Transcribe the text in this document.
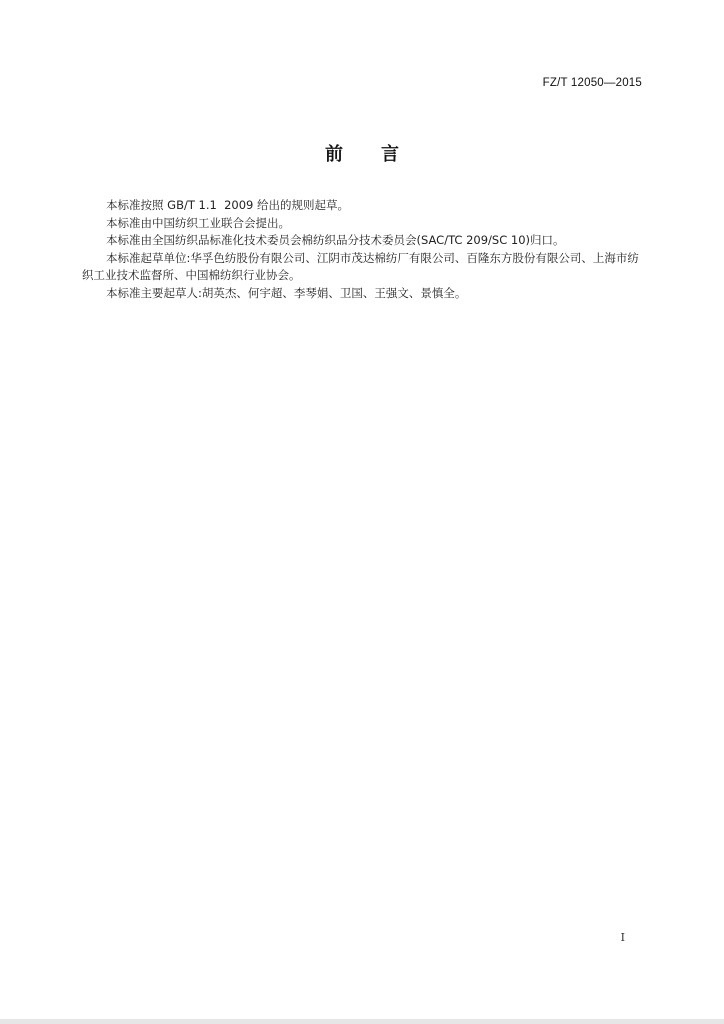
FZ/T 12050—2015
前 言

本标准按照 GB/T 1.1  2009 给出的规则起草。

本标准由中国纺织工业联合会提出。

本标准由全国纺织品标准化技术委员会棉纺织品分技术委员会(SAC/TC 209/SC 10)归口。

本标准起草单位:华孚色纺股份有限公司、江阴市茂达棉纺厂有限公司、百隆东方股份有限公司、上海市纺织工业技术监督所、中国棉纺织行业协会。

本标准主要起草人:胡英杰、何宇超、李琴娟、卫国、王强文、景慎全。

I
